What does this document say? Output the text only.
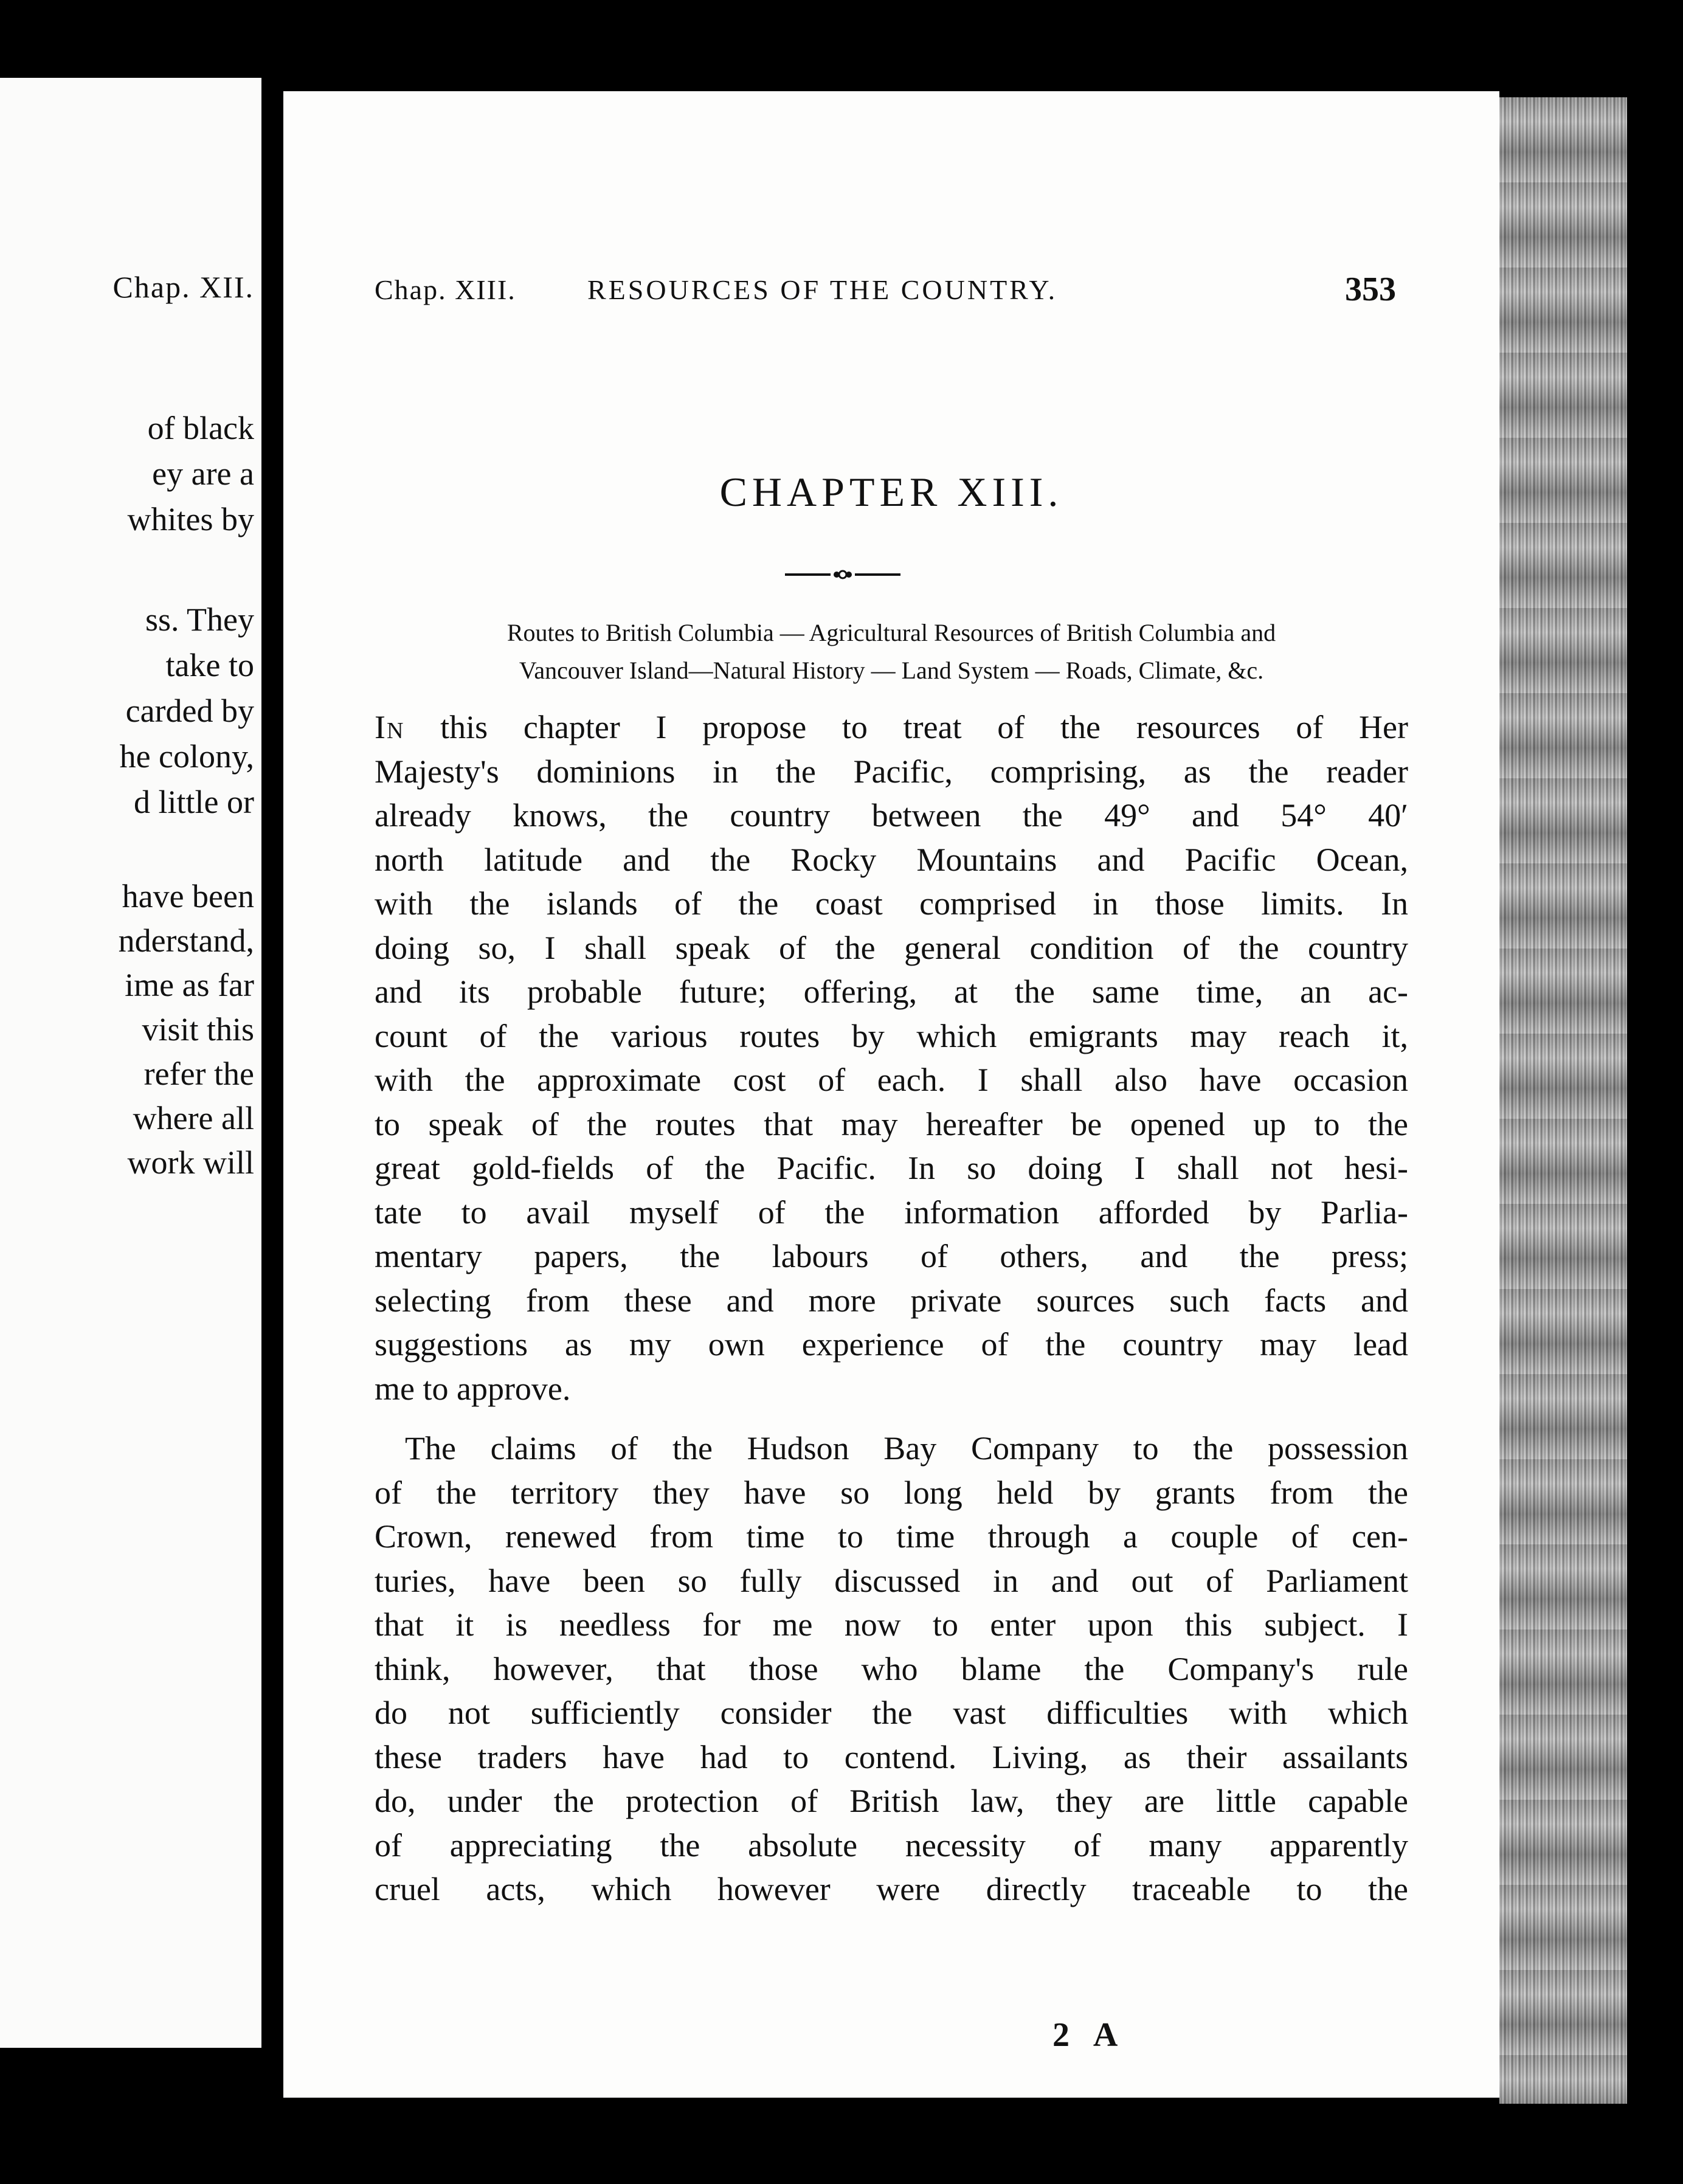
Chap. XII.
of black
ey are a
whites by
ss. They
take to
carded by
he colony,
d little or
have been
nderstand,
ime as far
visit this
refer the
where all
work will
Chap. XIII.	RESOURCES OF THE COUNTRY.	353
CHAPTER XIII.
Routes to British Columbia — Agricultural Resources of British Columbia and
Vancouver Island—Natural History — Land System — Roads, Climate, &c.
In this chapter I propose to treat of the resources of Her
Majesty's dominions in the Pacific, comprising, as the reader
already knows, the country between the 49° and 54° 40′
north latitude and the Rocky Mountains and Pacific Ocean,
with the islands of the coast comprised in those limits. In
doing so, I shall speak of the general condition of the country
and its probable future; offering, at the same time, an ac-
count of the various routes by which emigrants may reach it,
with the approximate cost of each. I shall also have occasion
to speak of the routes that may hereafter be opened up to the
great gold-fields of the Pacific. In so doing I shall not hesi-
tate to avail myself of the information afforded by Parlia-
mentary papers, the labours of others, and the press;
selecting from these and more private sources such facts and
suggestions as my own experience of the country may lead
me to approve.
The claims of the Hudson Bay Company to the possession
of the territory they have so long held by grants from the
Crown, renewed from time to time through a couple of cen-
turies, have been so fully discussed in and out of Parliament
that it is needless for me now to enter upon this subject. I
think, however, that those who blame the Company's rule
do not sufficiently consider the vast difficulties with which
these traders have had to contend. Living, as their assailants
do, under the protection of British law, they are little capable
of appreciating the absolute necessity of many apparently
cruel acts, which however were directly traceable to the
2 A
